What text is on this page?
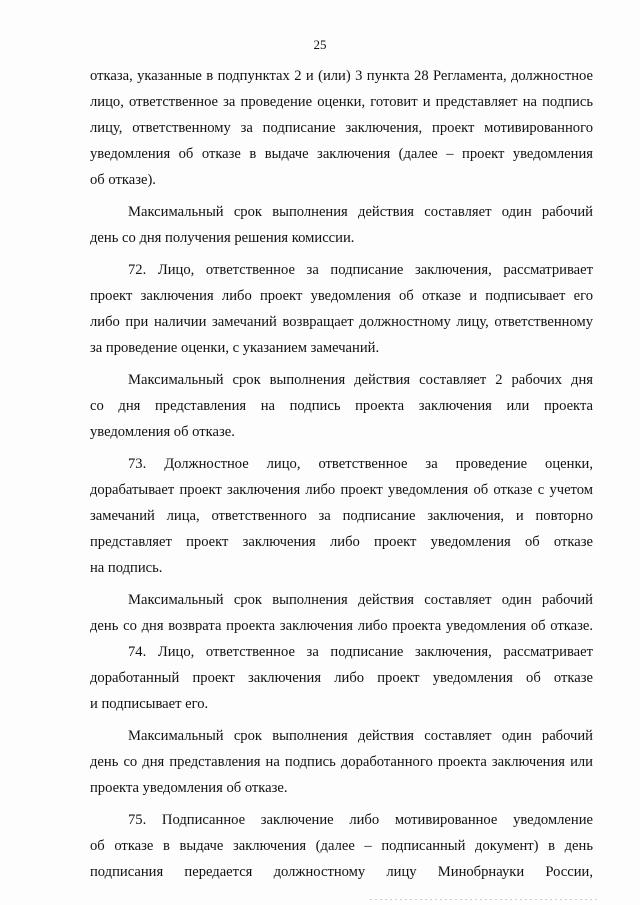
25
отказа, указанные в подпунктах 2 и (или) 3 пункта 28 Регламента, должностное
лицо, ответственное за проведение оценки, готовит и представляет на подпись
лицу, ответственному за подписание заключения, проект мотивированного
уведомления об отказе в выдаче заключения (далее – проект уведомления
об отказе).
Максимальный срок выполнения действия составляет один рабочий
день со дня получения решения комиссии.
72. Лицо, ответственное за подписание заключения, рассматривает
проект заключения либо проект уведомления об отказе и подписывает его
либо при наличии замечаний возвращает должностному лицу, ответственному
за проведение оценки, с указанием замечаний.
Максимальный срок выполнения действия составляет 2 рабочих дня
со дня представления на подпись проекта заключения или проекта
уведомления об отказе.
73. Должностное лицо, ответственное за проведение оценки,
дорабатывает проект заключения либо проект уведомления об отказе с учетом
замечаний лица, ответственного за подписание заключения, и повторно
представляет проект заключения либо проект уведомления об отказе
на подпись.
Максимальный срок выполнения действия составляет один рабочий
день со дня возврата проекта заключения либо проекта уведомления об отказе.
74. Лицо, ответственное за подписание заключения, рассматривает
доработанный проект заключения либо проект уведомления об отказе
и подписывает его.
Максимальный срок выполнения действия составляет один рабочий
день со дня представления на подпись доработанного проекта заключения или
проекта уведомления об отказе.
75. Подписанное заключение либо мотивированное уведомление
об отказе в выдаче заключения (далее – подписанный документ) в день
подписания передается должностному лицу Минобрнауки России,
